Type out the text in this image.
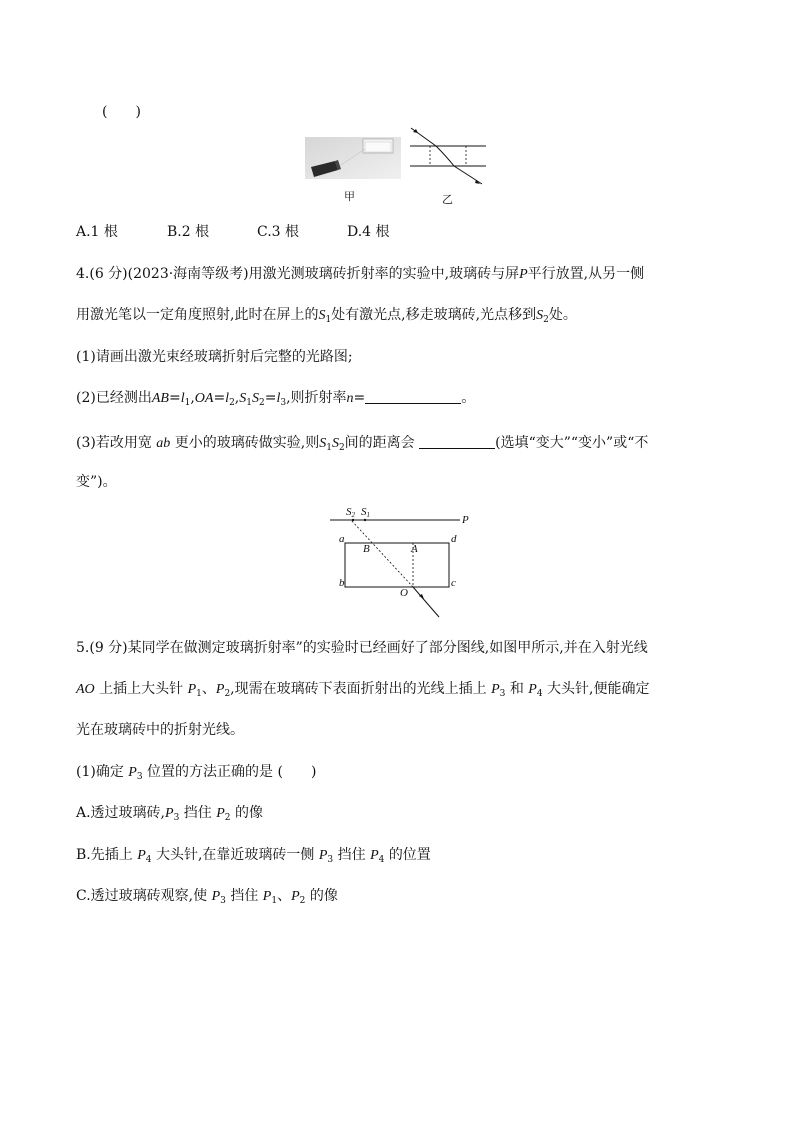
(　　)
甲	乙
A.1 根	B.2 根	C.3 根	D.4 根
4.(6 分)(2023·海南等级考)用激光测玻璃砖折射率的实验中,玻璃砖与屏P平行放置,从另一侧
用激光笔以一定角度照射,此时在屏上的$S_1$处有激光点,移走玻璃砖,光点移到$S_2$处。
(1)请画出激光束经玻璃折射后完整的光路图;
(2)已经测出$AB=l_1,OA=l_2,S_1S_2=l_3$,则折射率n=	。
(3)若改用宽 ab 更小的玻璃砖做实验,则$S_1S_2$间的距离会	(选填“变大”“变小”或“不
变”)。
$S_2$ $S_1$	P
a
B	A
d
b
O
c
5.(9 分)某同学在做测定玻璃折射率”的实验时已经画好了部分图线,如图甲所示,并在入射光线
AO 上插上大头针 $P_1$、$P_2$,现需在玻璃砖下表面折射出的光线上插上 $P_3$ 和 $P_4$ 大头针,便能确定
光在玻璃砖中的折射光线。
(1)确定 $P_3$ 位置的方法正确的是 (　　)
A.透过玻璃砖$,P_3$ 挡住 $P_2$ 的像
B.先插上 $P_4$ 大头针,在靠近玻璃砖一侧 $P_3$ 挡住 $P_4$ 的位置
C.透过玻璃砖观察,使 $P_3$ 挡住 $P_1$、$P_2$ 的像
